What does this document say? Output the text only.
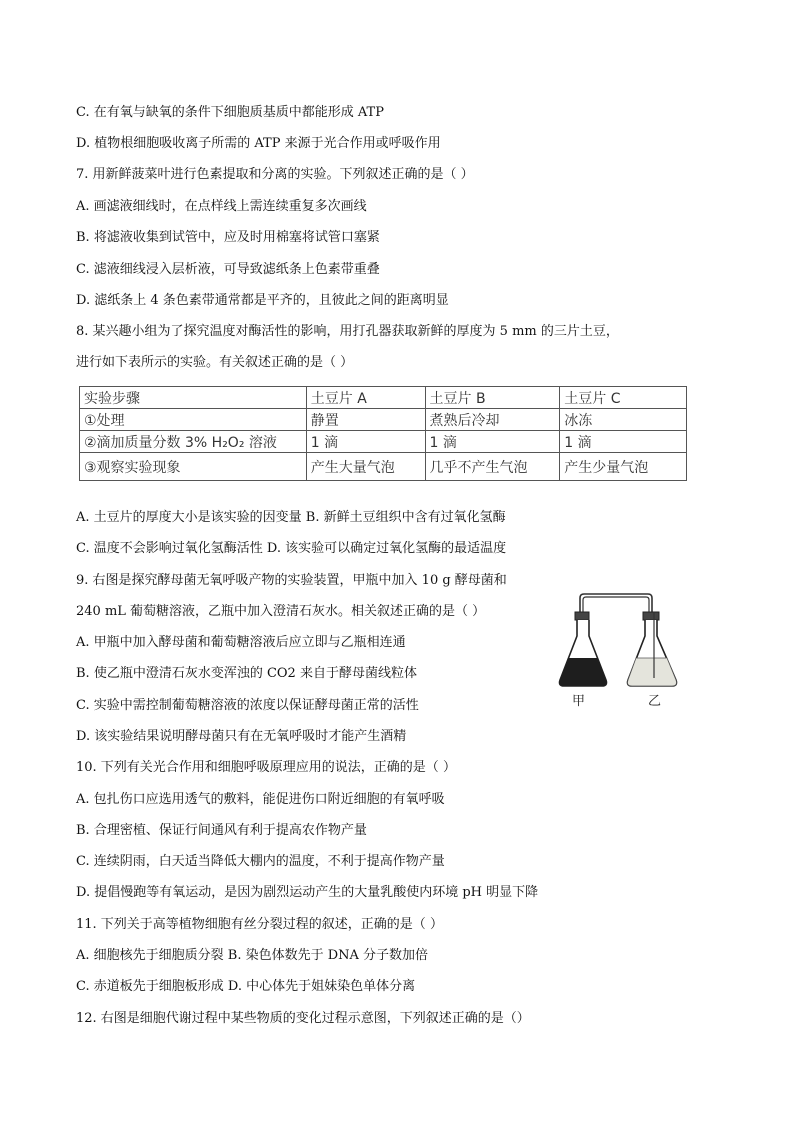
C. 在有氧与缺氧的条件下细胞质基质中都能形成 ATP
D. 植物根细胞吸收离子所需的 ATP 来源于光合作用或呼吸作用
7. 用新鲜菠菜叶进行色素提取和分离的实验。下列叙述正确的是（ ）
A. 画滤液细线时，在点样线上需连续重复多次画线
B. 将滤液收集到试管中，应及时用棉塞将试管口塞紧
C. 滤液细线浸入层析液，可导致滤纸条上色素带重叠
D. 滤纸条上 4 条色素带通常都是平齐的，且彼此之间的距离明显
8. 某兴趣小组为了探究温度对酶活性的影响，用打孔器获取新鲜的厚度为 5 mm 的三片土豆，
进行如下表所示的实验。有关叙述正确的是（ ）
实验步骤	土豆片 A	土豆片 B	土豆片 C
①处理	静置	煮熟后冷却	冰冻
②滴加质量分数 3% H₂O₂ 溶液	1 滴	1 滴	1 滴
③观察实验现象	产生大量气泡	几乎不产生气泡	产生少量气泡
A. 土豆片的厚度大小是该实验的因变量 B. 新鲜土豆组织中含有过氧化氢酶
C. 温度不会影响过氧化氢酶活性 D. 该实验可以确定过氧化氢酶的最适温度
9. 右图是探究酵母菌无氧呼吸产物的实验装置，甲瓶中加入 10 g 酵母菌和
240 mL 葡萄糖溶液，乙瓶中加入澄清石灰水。相关叙述正确的是（ ）
A. 甲瓶中加入酵母菌和葡萄糖溶液后应立即与乙瓶相连通
B. 使乙瓶中澄清石灰水变浑浊的 CO2 来自于酵母菌线粒体
C. 实验中需控制葡萄糖溶液的浓度以保证酵母菌正常的活性
D. 该实验结果说明酵母菌只有在无氧呼吸时才能产生酒精
10. 下列有关光合作用和细胞呼吸原理应用的说法，正确的是（ ）
A. 包扎伤口应选用透气的敷料，能促进伤口附近细胞的有氧呼吸
B. 合理密植、保证行间通风有利于提高农作物产量
C. 连续阴雨，白天适当降低大棚内的温度，不利于提高作物产量
D. 提倡慢跑等有氧运动，是因为剧烈运动产生的大量乳酸使内环境 pH 明显下降
11. 下列关于高等植物细胞有丝分裂过程的叙述，正确的是（ ）
A. 细胞核先于细胞质分裂 B. 染色体数先于 DNA 分子数加倍
C. 赤道板先于细胞板形成 D. 中心体先于姐妹染色单体分离
12. 右图是细胞代谢过程中某些物质的变化过程示意图，下列叙述正确的是（）
甲	乙
